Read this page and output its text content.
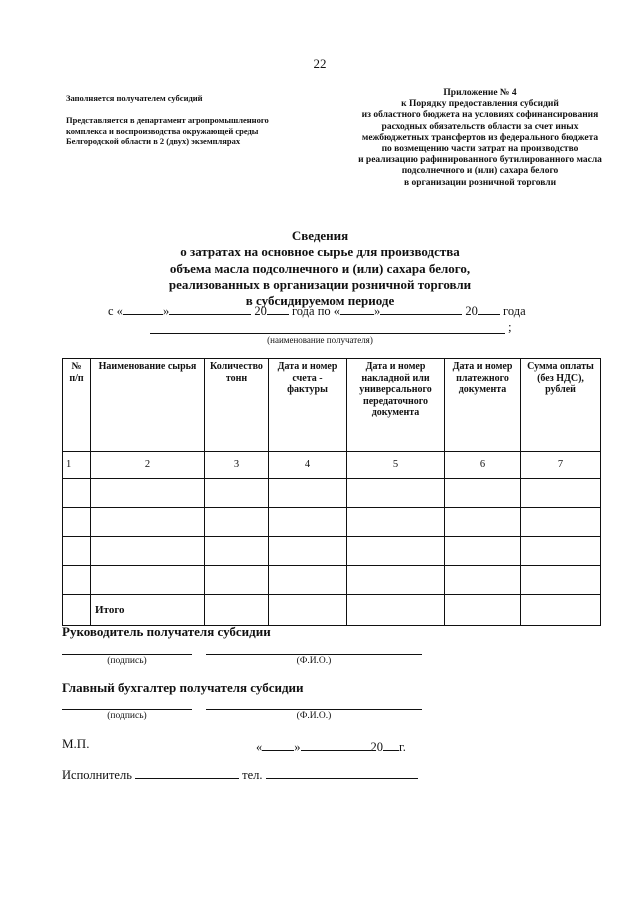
22
Заполняется получателем субсидий
Представляется в департамент агропромышленного
комплекса и воспроизводства окружающей среды
Белгородской области в 2 (двух) экземплярах
Приложение № 4
к Порядку предоставления субсидий
из областного бюджета на условиях софинансирования
расходных обязательств области за счет иных
межбюджетных трансфертов из федерального бюджета
по возмещению части затрат на производство
и реализацию рафинированного бутилированного масла
подсолнечного и (или) сахара белого
в организации розничной торговли
Сведения
о затратах на основное сырье для производства
объема масла подсолнечного и (или) сахара белого,
реализованных в организации розничной торговли
в субсидируемом периоде
с «	»	20 года по «	»	20 года
;
(наименование получателя)
№ п/п	Наименование сырья	Количество тонн	Дата и номер счета - фактуры	Дата и номер накладной или универсального передаточного документа	Дата и номер платежного документа	Сумма оплаты (без НДС), рублей
1	2	3	4	5	6	7

	Итого					
Руководитель получателя субсидии
(подпись)	(Ф.И.О.)
Главный бухгалтер получателя субсидии
(подпись)	(Ф.И.О.)
М.П.	«	»	20 г.
Исполнитель	тел.
